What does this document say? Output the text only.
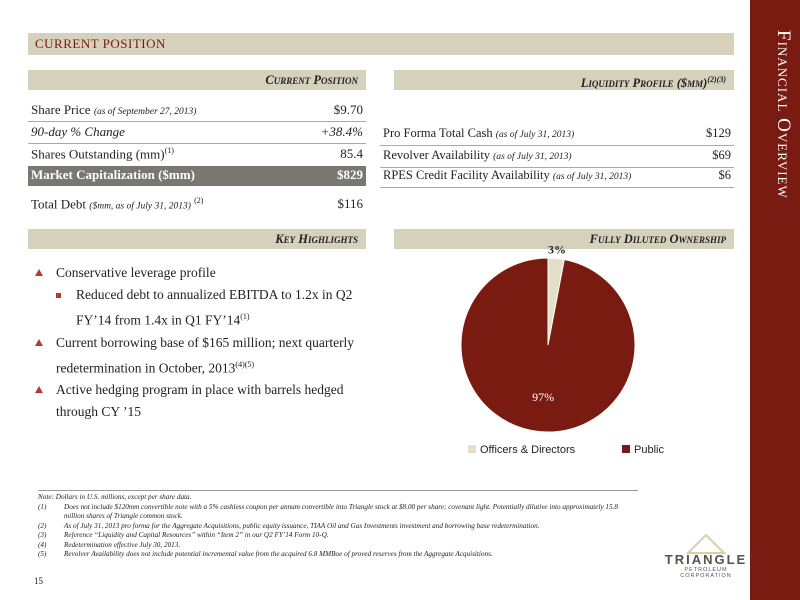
Financial Overview
CURRENT POSITION
Current Position
Share Price (as of September 27, 2013)	$9.70
90-day % Change	+38.4%
Shares Outstanding (mm)$^{(1)}$	85.4
Market Capitalization ($mm)	$829
Total Debt ($mm, as of July 31, 2013) $^{(2)}$	$116
Liquidity Profile ($mm)$^{(2)(3)}$
Pro Forma Total Cash (as of July 31, 2013)	$129
Revolver Availability (as of July 31, 2013)	$69
RPES Credit Facility Availability (as of July 31, 2013)	$6
Key Highlights
Conservative leverage profile
Reduced debt to annualized EBITDA to 1.2x in Q2 FY’14 from 1.4x in Q1 FY’14$^{(1)}$
Current borrowing base of $165 million; next quarterly redetermination in October, $2013^{(4)(5)}$
Active hedging program in place with barrels hedged through CY ’15
Fully Diluted Ownership
3%
97%
Officers & Directors	Public
Note: Dollars in U.S. millions, except per share data.
(1) Does not include $120mm convertible note with a 5% cashless coupon per annum convertible into Triangle stock at $8.00 per share; covenant light. Potentially dilutive into approximately 15.8 million shares of Triangle common stock.
(2) As of July 31, 2013 pro forma for the Aggregate Acquisitions, public equity issuance, TIAA Oil and Gas Investments investment and borrowing base redetermination.
(3) Reference “Liquidity and Capital Resources” within “Item 2” in our Q2 FY’14 Form 10-Q.
(4) Redetermination effective July 30, 2013.
(5) Revolver Availability does not include potential incremental value from the acquired 6.8 MMBoe of proved reserves from the Aggregate Acquisitions.
15
TRIANGLE
PETROLEUM CORPORATION
